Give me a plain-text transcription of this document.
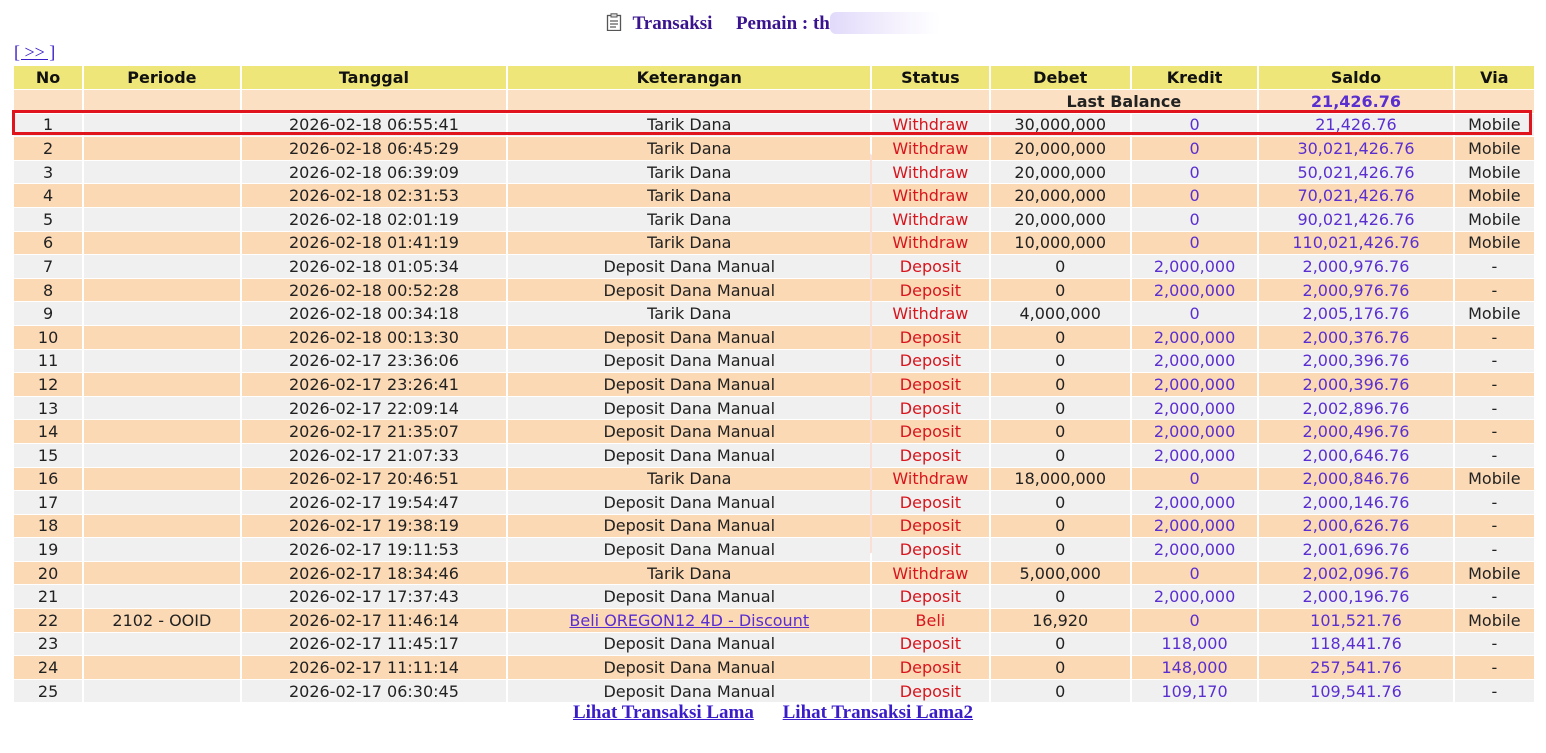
Transaksi Pemain : th
[ >> ]
No	Periode	Tanggal	Keterangan	Status	Debet	Kredit	Saldo	Via
					Last Balance		21,426.76	
1		2026-02-18 06:55:41	Tarik Dana	Withdraw	30,000,000	0	21,426.76	Mobile
2		2026-02-18 06:45:29	Tarik Dana	Withdraw	20,000,000	0	30,021,426.76	Mobile
3		2026-02-18 06:39:09	Tarik Dana	Withdraw	20,000,000	0	50,021,426.76	Mobile
4		2026-02-18 02:31:53	Tarik Dana	Withdraw	20,000,000	0	70,021,426.76	Mobile
5		2026-02-18 02:01:19	Tarik Dana	Withdraw	20,000,000	0	90,021,426.76	Mobile
6		2026-02-18 01:41:19	Tarik Dana	Withdraw	10,000,000	0	110,021,426.76	Mobile
7		2026-02-18 01:05:34	Deposit Dana Manual	Deposit	0	2,000,000	2,000,976.76	-
8		2026-02-18 00:52:28	Deposit Dana Manual	Deposit	0	2,000,000	2,000,976.76	-
9		2026-02-18 00:34:18	Tarik Dana	Withdraw	4,000,000	0	2,005,176.76	Mobile
10		2026-02-18 00:13:30	Deposit Dana Manual	Deposit	0	2,000,000	2,000,376.76	-
11		2026-02-17 23:36:06	Deposit Dana Manual	Deposit	0	2,000,000	2,000,396.76	-
12		2026-02-17 23:26:41	Deposit Dana Manual	Deposit	0	2,000,000	2,000,396.76	-
13		2026-02-17 22:09:14	Deposit Dana Manual	Deposit	0	2,000,000	2,002,896.76	-
14		2026-02-17 21:35:07	Deposit Dana Manual	Deposit	0	2,000,000	2,000,496.76	-
15		2026-02-17 21:07:33	Deposit Dana Manual	Deposit	0	2,000,000	2,000,646.76	-
16		2026-02-17 20:46:51	Tarik Dana	Withdraw	18,000,000	0	2,000,846.76	Mobile
17		2026-02-17 19:54:47	Deposit Dana Manual	Deposit	0	2,000,000	2,000,146.76	-
18		2026-02-17 19:38:19	Deposit Dana Manual	Deposit	0	2,000,000	2,000,626.76	-
19		2026-02-17 19:11:53	Deposit Dana Manual	Deposit	0	2,000,000	2,001,696.76	-
20		2026-02-17 18:34:46	Tarik Dana	Withdraw	5,000,000	0	2,002,096.76	Mobile
21		2026-02-17 17:37:43	Deposit Dana Manual	Deposit	0	2,000,000	2,000,196.76	-
22	2102 - OOID	2026-02-17 11:46:14	Beli OREGON12 4D - Discount	Beli	16,920	0	101,521.76	Mobile
23		2026-02-17 11:45:17	Deposit Dana Manual	Deposit	0	118,000	118,441.76	-
24		2026-02-17 11:11:14	Deposit Dana Manual	Deposit	0	148,000	257,541.76	-
25		2026-02-17 06:30:45	Deposit Dana Manual	Deposit	0	109,170	109,541.76	-
Lihat Transaksi Lama Lihat Transaksi Lama2
